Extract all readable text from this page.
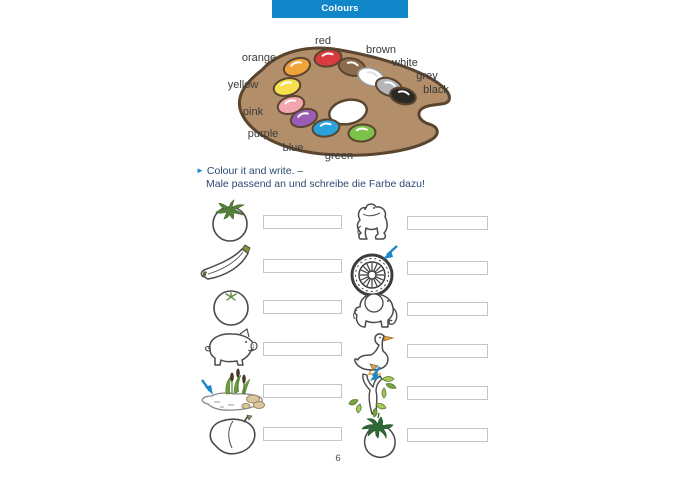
Colours
red
brown
white
grey
black
orange
yellow
pink
purple
blue
green
► Colour it and write. –
Male passend an und schreibe die Farbe dazu!
6
